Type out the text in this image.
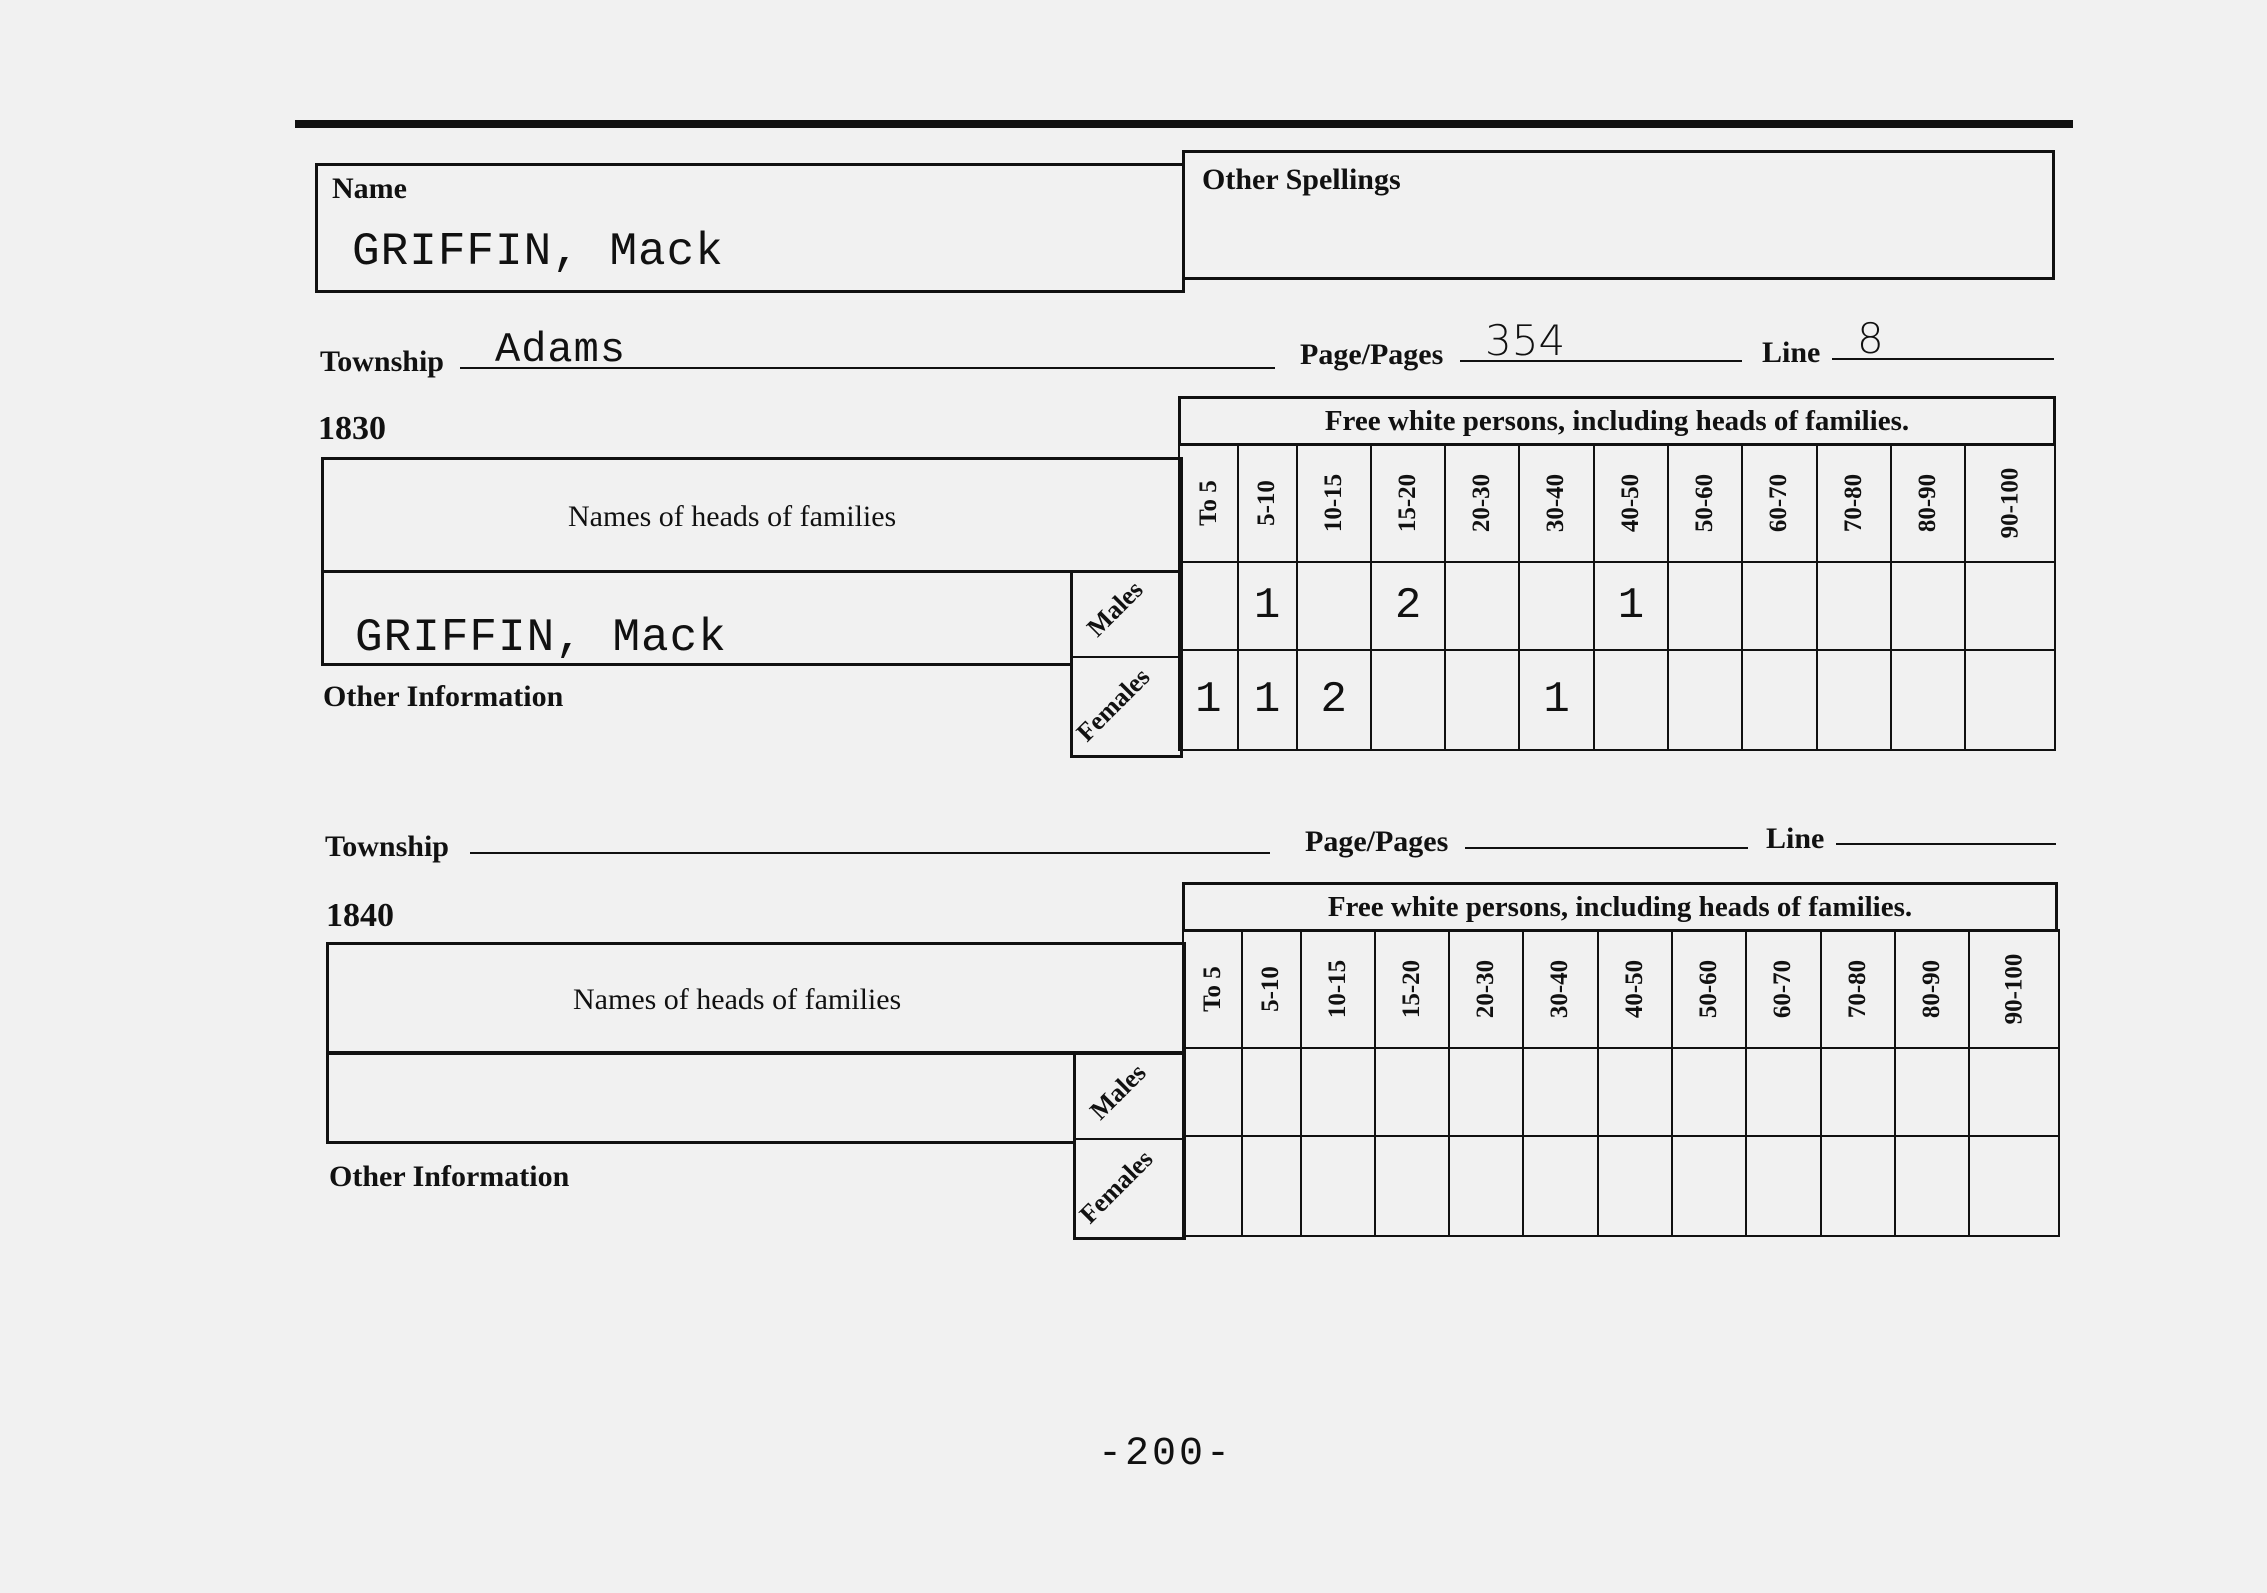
Name
GRIFFIN, Mack
Other Spellings
Township Adams	Page/Pages 354	Line 8
1830	Free white persons, including heads of families.
Names of heads of families
GRIFFIN, Mack	Males
Females
Other Information
To 5	5-10	10-15	15-20	20-30	30-40	40-50	50-60	60-70	70-80	80-90	90-100
	1		2			1					
1	1	2			1						
Township	Page/Pages	Line
1840	Free white persons, including heads of families.
Names of heads of families
Males
Females
Other Information
To 5	5-10	10-15	15-20	20-30	30-40	40-50	50-60	60-70	70-80	80-90	90-100

-200-
